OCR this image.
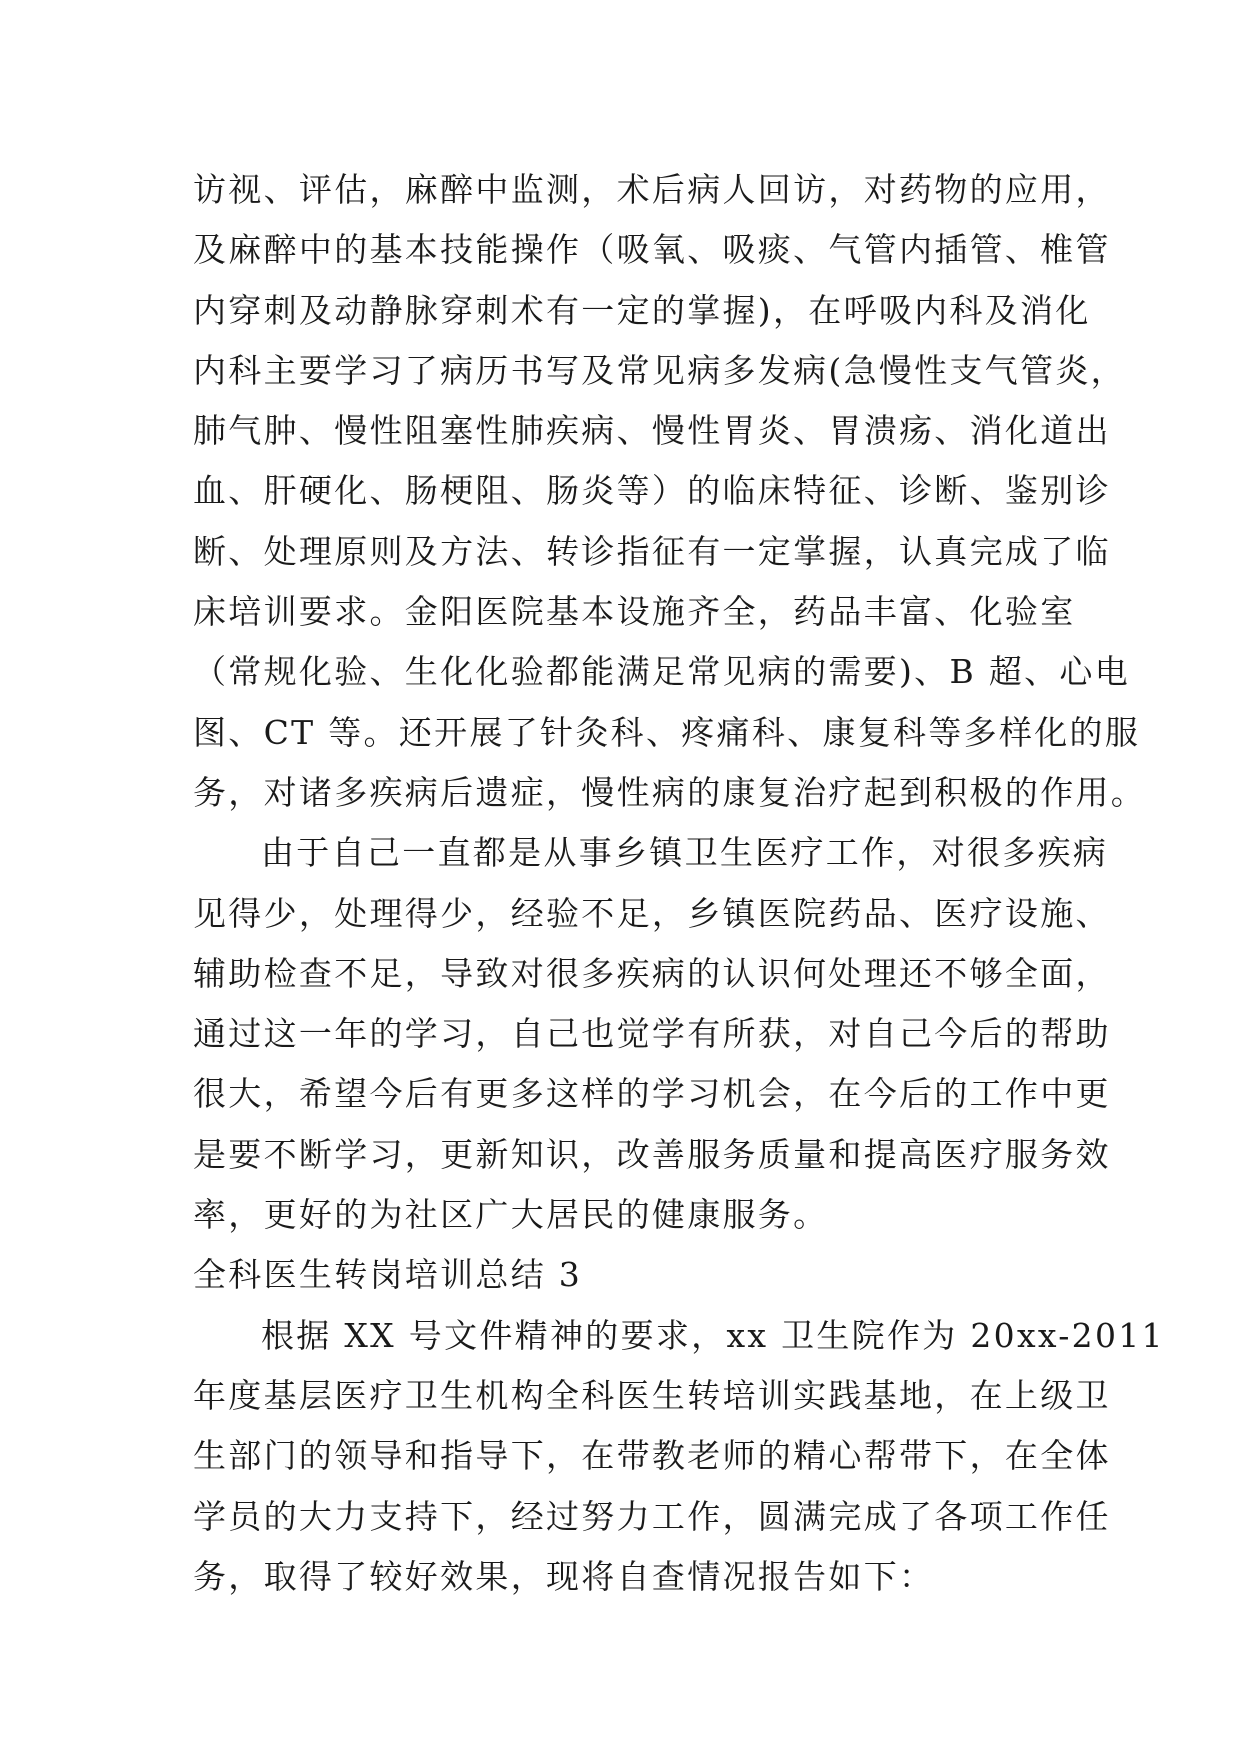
访视、评估，麻醉中监测，术后病人回访，对药物的应用，
及麻醉中的基本技能操作（吸氧、吸痰、气管内插管、椎管
内穿刺及动静脉穿刺术有一定的掌握)，在呼吸内科及消化
内科主要学习了病历书写及常见病多发病(急慢性支气管炎，
肺气肿、慢性阻塞性肺疾病、慢性胃炎、胃溃疡、消化道出
血、肝硬化、肠梗阻、肠炎等）的临床特征、诊断、鉴别诊
断、处理原则及方法、转诊指征有一定掌握，认真完成了临
床培训要求。金阳医院基本设施齐全，药品丰富、化验室
（常规化验、生化化验都能满足常见病的需要)、B 超、心电
图、CT 等。还开展了针灸科、疼痛科、康复科等多样化的服
务，对诸多疾病后遗症，慢性病的康复治疗起到积极的作用。
由于自己一直都是从事乡镇卫生医疗工作，对很多疾病
见得少，处理得少，经验不足，乡镇医院药品、医疗设施、
辅助检查不足，导致对很多疾病的认识何处理还不够全面，
通过这一年的学习，自己也觉学有所获，对自己今后的帮助
很大，希望今后有更多这样的学习机会，在今后的工作中更
是要不断学习，更新知识，改善服务质量和提高医疗服务效
率，更好的为社区广大居民的健康服务。
全科医生转岗培训总结 3
根据 XX 号文件精神的要求，xx 卫生院作为 20xx-2011
年度基层医疗卫生机构全科医生转培训实践基地，在上级卫
生部门的领导和指导下，在带教老师的精心帮带下，在全体
学员的大力支持下，经过努力工作，圆满完成了各项工作任
务，取得了较好效果，现将自查情况报告如下：
